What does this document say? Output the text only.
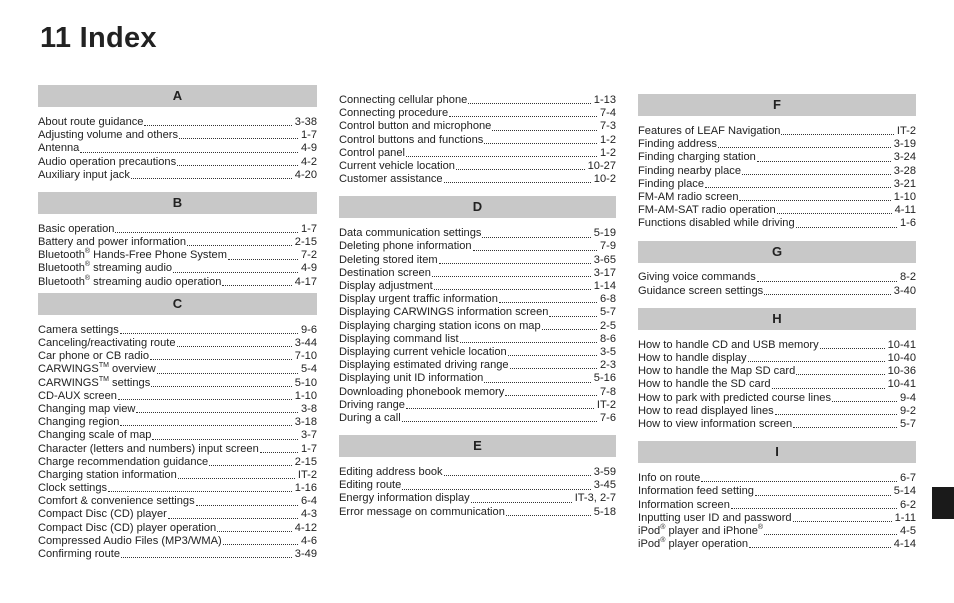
11 Index
A
About route guidance	3-38
Adjusting volume and others	1-7
Antenna	4-9
Audio operation precautions	4-2
Auxiliary input jack	4-20
B
Basic operation	1-7
Battery and power information	2-15
Bluetooth® Hands-Free Phone System	7-2
Bluetooth® streaming audio	4-9
Bluetooth® streaming audio operation	4-17
C
Camera settings	9-6
Canceling/reactivating route	3-44
Car phone or CB radio	7-10
CARWINGS™ overview	5-4
CARWINGS™ settings	5-10
CD-AUX screen	1-10
Changing map view	3-8
Changing region	3-18
Changing scale of map	3-7
Character (letters and numbers) input screen	1-7
Charge recommendation guidance	2-15
Charging station information	IT-2
Clock settings	1-16
Comfort & convenience settings	6-4
Compact Disc (CD) player	4-3
Compact Disc (CD) player operation	4-12
Compressed Audio Files (MP3/WMA)	4-6
Confirming route	3-49
Connecting cellular phone	1-13
Connecting procedure	7-4
Control button and microphone	7-3
Control buttons and functions	1-2
Control panel	1-2
Current vehicle location	10-27
Customer assistance	10-2
D
Data communication settings	5-19
Deleting phone information	7-9
Deleting stored item	3-65
Destination screen	3-17
Display adjustment	1-14
Display urgent traffic information	6-8
Displaying CARWINGS information screen	5-7
Displaying charging station icons on map	2-5
Displaying command list	8-6
Displaying current vehicle location	3-5
Displaying estimated driving range	2-3
Displaying unit ID information	5-16
Downloading phonebook memory	7-8
Driving range	IT-2
During a call	7-6
E
Editing address book	3-59
Editing route	3-45
Energy information display	IT-3, 2-7
Error message on communication	5-18
F
Features of LEAF Navigation	IT-2
Finding address	3-19
Finding charging station	3-24
Finding nearby place	3-28
Finding place	3-21
FM-AM radio screen	1-10
FM-AM-SAT radio operation	4-11
Functions disabled while driving	1-6
G
Giving voice commands	8-2
Guidance screen settings	3-40
H
How to handle CD and USB memory	10-41
How to handle display	10-40
How to handle the Map SD card	10-36
How to handle the SD card	10-41
How to park with predicted course lines	9-4
How to read displayed lines	9-2
How to view information screen	5-7
I
Info on route	6-7
Information feed setting	5-14
Information screen	6-2
Inputting user ID and password	1-11
iPod® player and iPhone®	4-5
iPod® player operation	4-14
